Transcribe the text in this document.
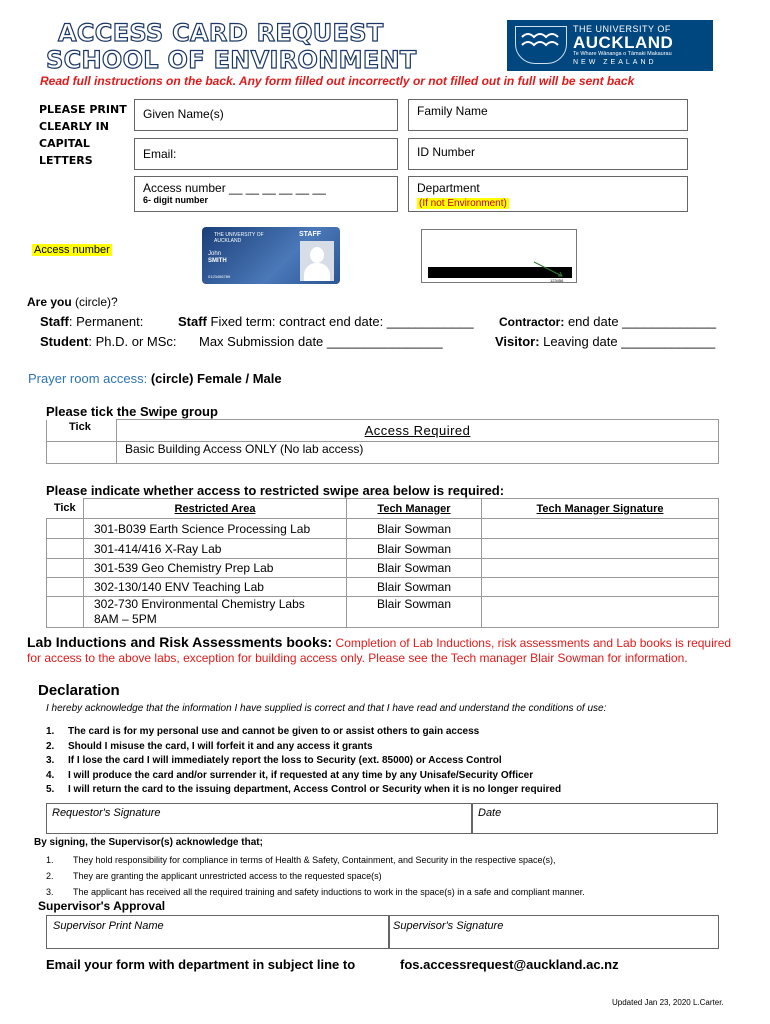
ACCESS CARD REQUEST
SCHOOL OF ENVIRONMENT
THE UNIVERSITY OF
AUCKLAND
Te Whare Wānanga o Tāmaki Makaurau
NEW ZEALAND
Read full instructions on the back. Any form filled out incorrectly or not filled out in full will be sent back
PLEASE PRINT
CLEARLY IN
CAPITAL
LETTERS
Given Name(s)	Family Name
Email:	ID Number
Access number __ __ __ __ __ __
6- digit number
Department
(If not Environment)
Access number
THE UNIVERSITY OF AUCKLAND
STAFF
John
SMITH
0123456789
123456
Are you (circle)?
Staff: Permanent:	Staff Fixed term: contract end date: ____________ Contractor: end date _____________
Student: Ph.D. or MSc: Max Submission date ________________	Visitor: Leaving date _____________
Prayer room access: (circle) Female / Male
Please tick the Swipe group
Tick	Access Required
	Basic Building Access ONLY (No lab access)
Please indicate whether access to restricted swipe area below is required:
Tick	Restricted Area	Tech Manager	Tech Manager Signature
	301-B039 Earth Science Processing Lab	Blair Sowman	
	301-414/416 X-Ray Lab	Blair Sowman	
	301-539 Geo Chemistry Prep Lab	Blair Sowman	
	302-130/140 ENV Teaching Lab	Blair Sowman	

	302-730 Environmental Chemistry Labs
8AM – 5PM	Blair Sowman	
Lab Inductions and Risk Assessments books: Completion of Lab Inductions, risk assessments and Lab books is required for access to the above labs, exception for building access only. Please see the Tech manager Blair Sowman for information.
Declaration
I hereby acknowledge that the information I have supplied is correct and that I have read and understand the conditions of use:
1. The card is for my personal use and cannot be given to or assist others to gain access
2. Should I misuse the card, I will forfeit it and any access it grants
3. If I lose the card I will immediately report the loss to Security (ext. 85000) or Access Control
4. I will produce the card and/or surrender it, if requested at any time by any Unisafe/Security Officer
5. I will return the card to the issuing department, Access Control or Security when it is no longer required
Requestor's Signature	Date
By signing, the Supervisor(s) acknowledge that;
1. They hold responsibility for compliance in terms of Health & Safety, Containment, and Security in the respective space(s),
2. They are granting the applicant unrestricted access to the requested space(s)
3. The applicant has received all the required training and safety inductions to work in the space(s) in a safe and compliant manner.
Supervisor's Approval
Supervisor Print Name	Supervisor's Signature
Email your form with department in subject line to	fos.accessrequest@auckland.ac.nz
Updated Jan 23, 2020 L.Carter.
